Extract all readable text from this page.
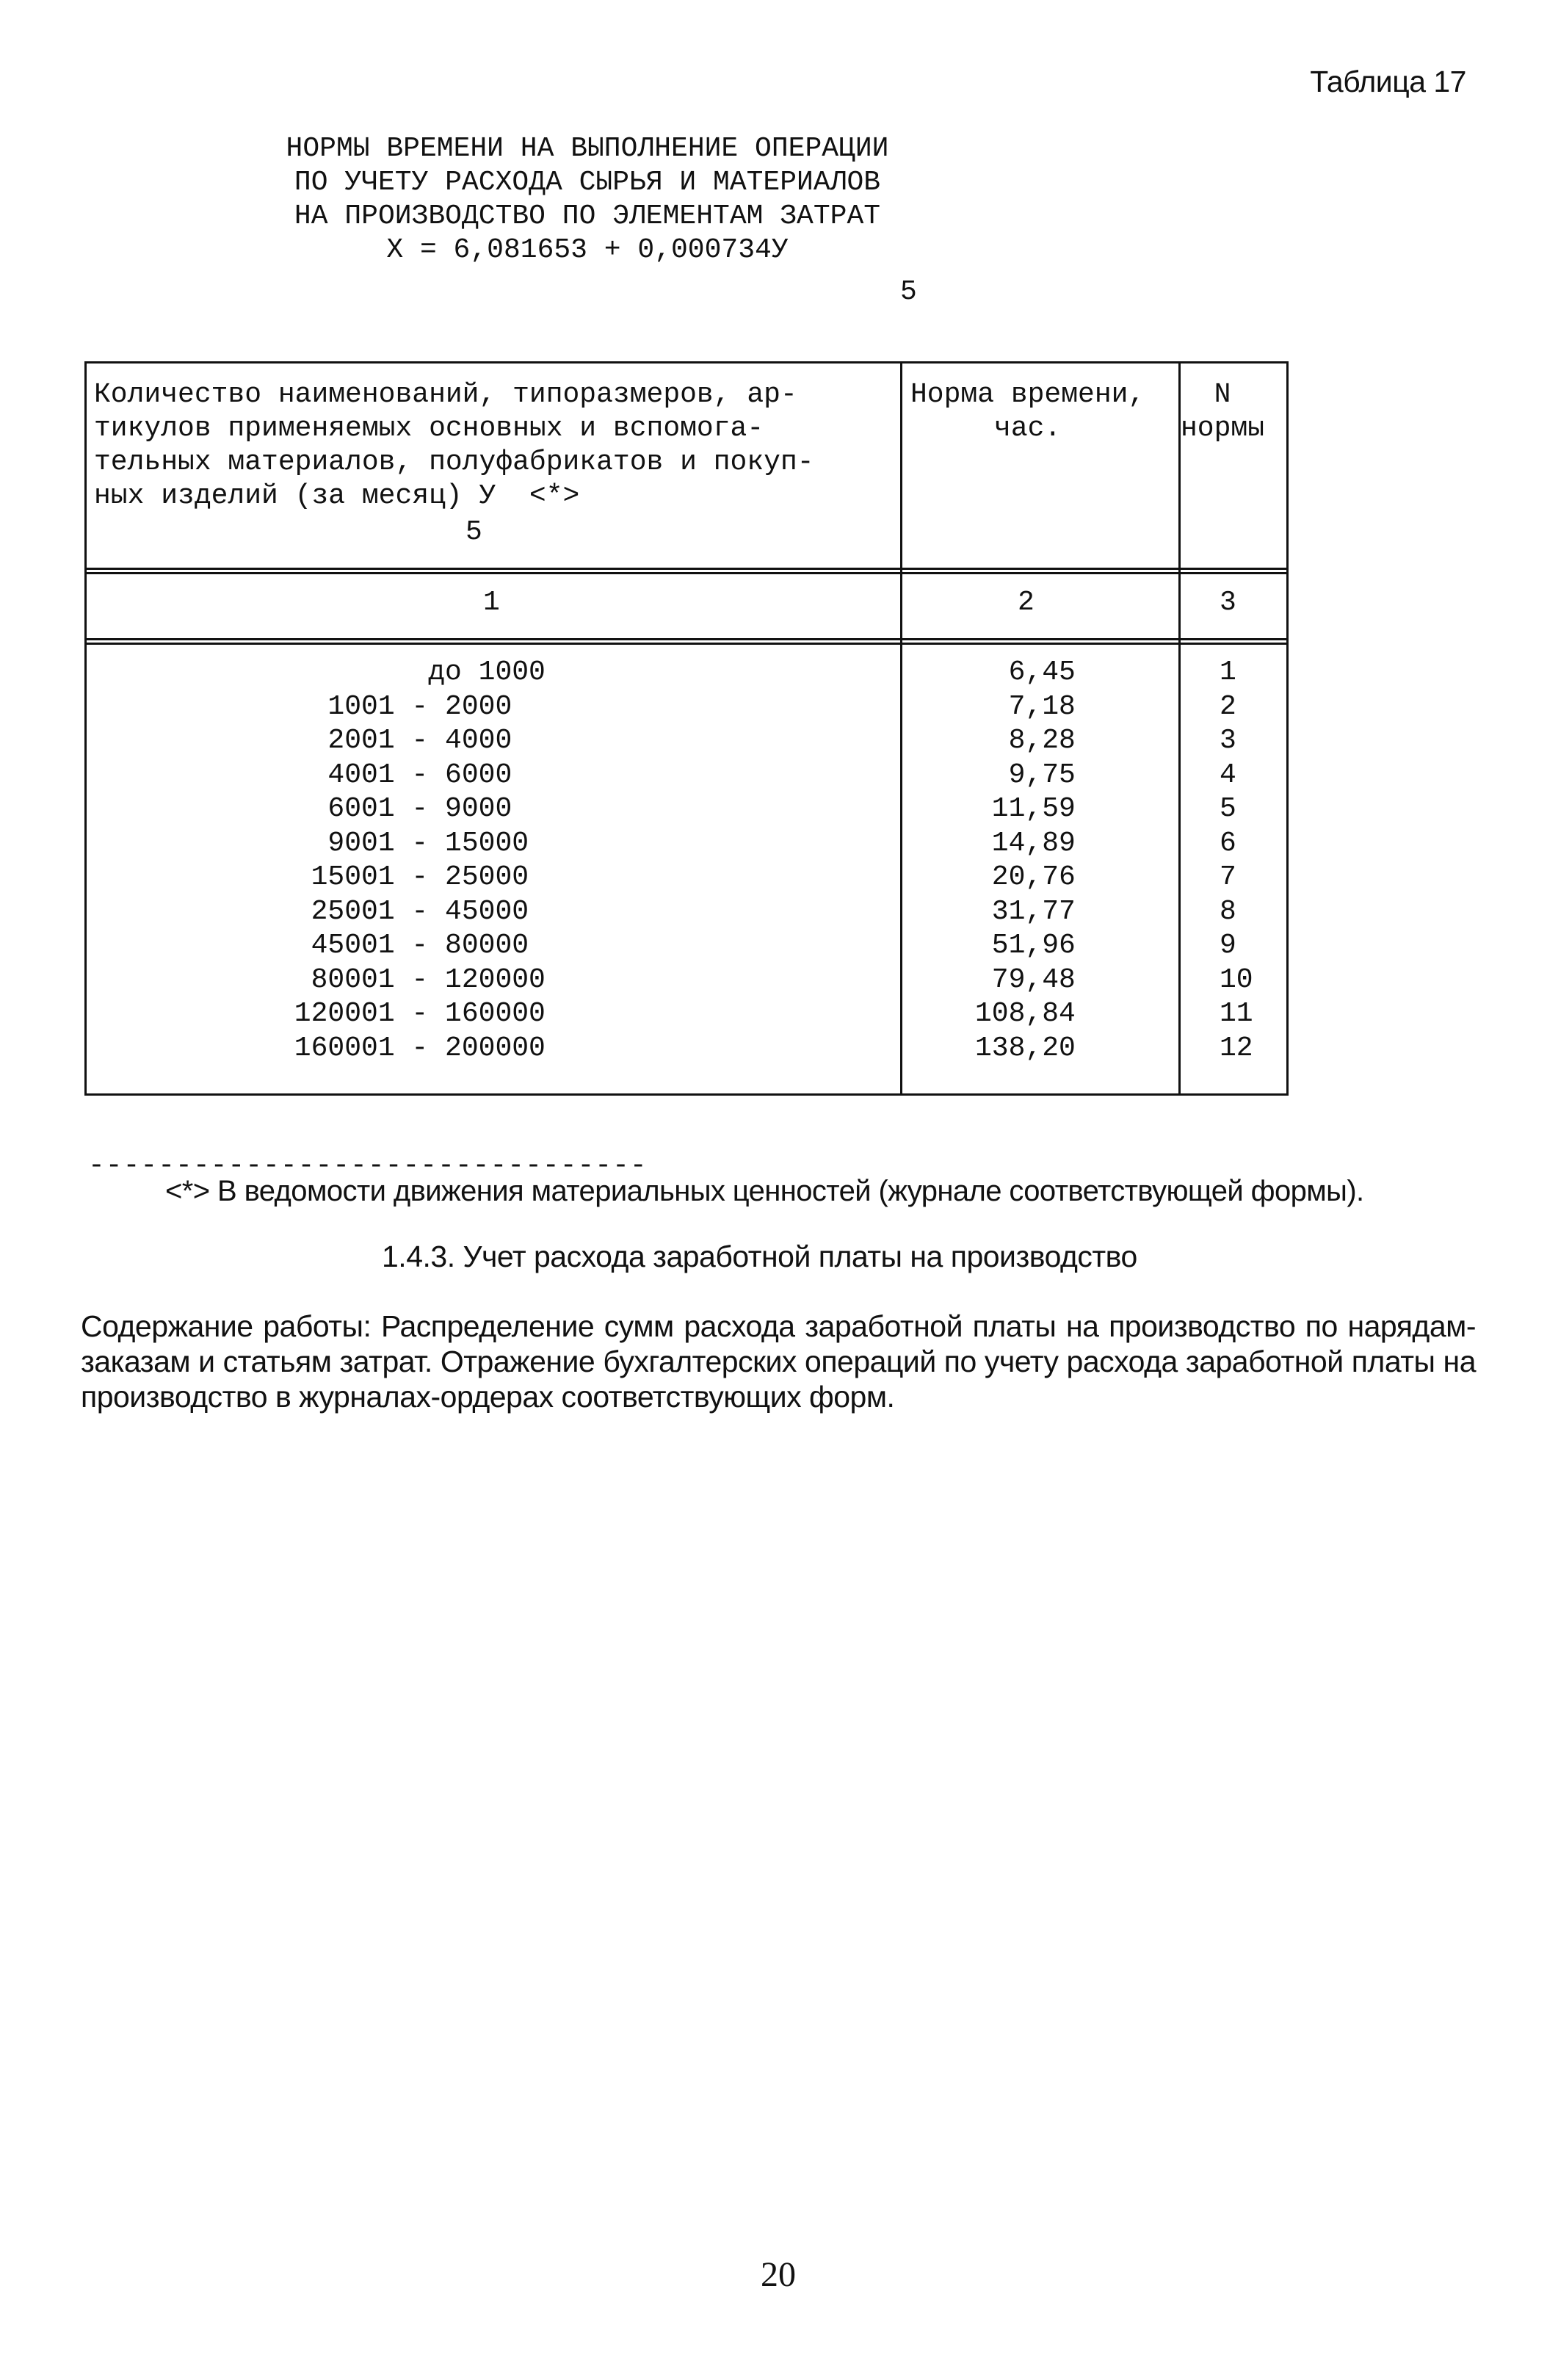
Таблица 17
НОРМЫ ВРЕМЕНИ НА ВЫПОЛНЕНИЕ ОПЕРАЦИИ
ПО УЧЕТУ РАСХОДА СЫРЬЯ И МАТЕРИАЛОВ
НА ПРОИЗВОДСТВО ПО ЭЛЕМЕНТАМ ЗАТРАТ
X = 6,081653 + 0,000734У
5
Количество наименований, типоразмеров, ар-
тикулов применяемых основных и вспомога-
тельных материалов, полуфабрикатов и покуп-
ных изделий (за месяц) У  <*>
5
Норма времени,
час.
N
нормы
1	2	3
до 1000
1001 - 2000
2001 - 4000
4001 - 6000
6001 - 9000
9001 - 15000
15001 - 25000
25001 - 45000
45001 - 80000
80001 - 120000
120001 - 160000
160001 - 200000
6,45
7,18
8,28
9,75
11,59
14,89
20,76
31,77
51,96
79,48
108,84
138,20
1
2
3
4
5
6
7
8
9
10
11
12
--------------------------------
<*> В ведомости движения материальных ценностей (журнале соответствующей формы).
1.4.3. Учет расхода заработной платы на производство
Содержание работы: Распределение сумм расхода заработной платы на производство по нарядам-заказам и статьям затрат. Отражение бухгалтерских операций по учету расхода заработной платы на производство в журналах-ордерах соответствующих форм.
20
